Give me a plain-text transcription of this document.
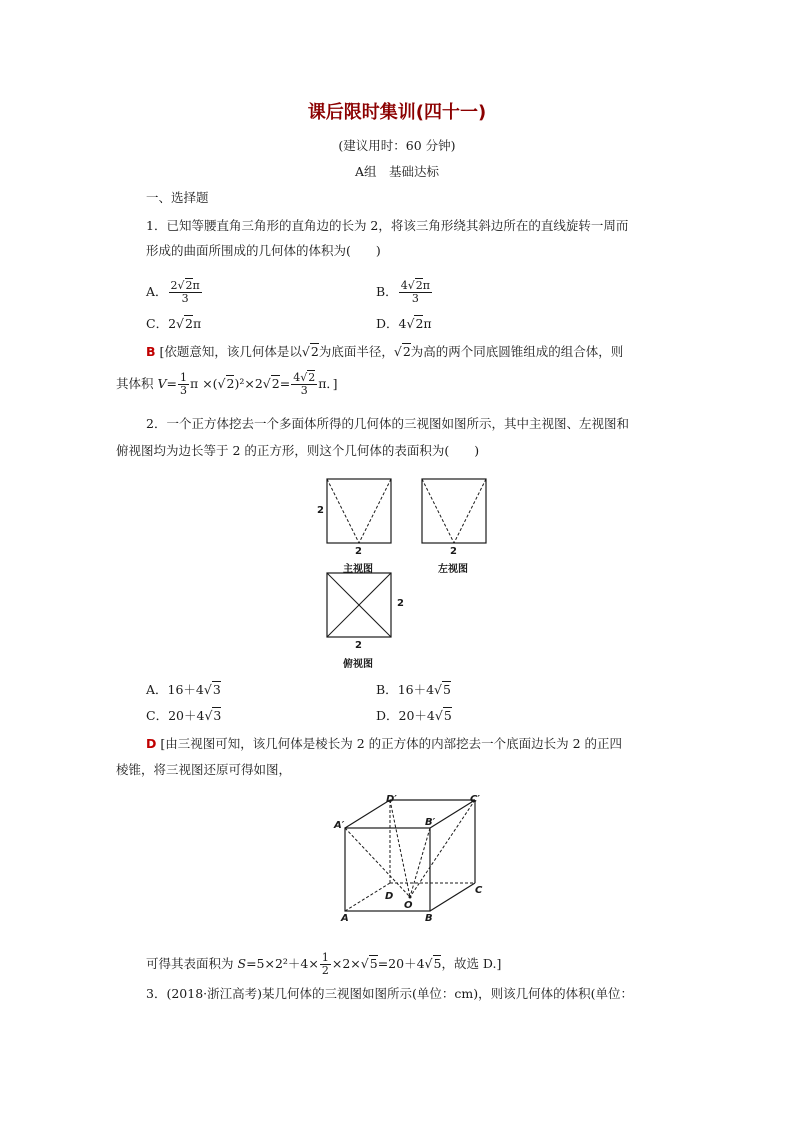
课后限时集训(四十一)
(建议用时：60 分钟)
A组　基础达标
一、选择题
1．已知等腰直角三角形的直角边的长为 2，将该三角形绕其斜边所在的直线旋转一周而
形成的曲面所围成的几何体的体积为(　　)
A． $\frac{2√2\pi}{3}$	B． $\frac{4√2\pi}{3}$
C．2√2π	D．4√2π
B [依题意知，该几何体是以√2为底面半径，√2为高的两个同底圆锥组成的组合体，则
其体积 $V= \frac{1}{3}$ $\pi \times(√2)^2\times 2√2= \frac{4√2}{3}$ π．]
2．一个正方体挖去一个多面体所得的几何体的三视图如图所示，其中主视图、左视图和
俯视图均为边长等于 2 的正方形，则这个几何体的表面积为(　　)
2
2
主视图
2
左视图
2
2
俯视图
A．16＋4√3	B．16＋4√5
C．20＋4√3	D．20＋4√5
D [由三视图可知，该几何体是棱长为 2 的正方体的内部挖去一个底面边长为 2 的正四
棱锥，将三视图还原可得如图，
A′	B′
C′
D′
A	B
C
D
O
可得其表面积为 $S=5\times 2^2+4\times \frac{1}{2} \times 2\times√5=20+4√5$，故选 D.]
3．(2018·浙江高考)某几何体的三视图如图所示(单位：cm)，则该几何体的体积(单位：
